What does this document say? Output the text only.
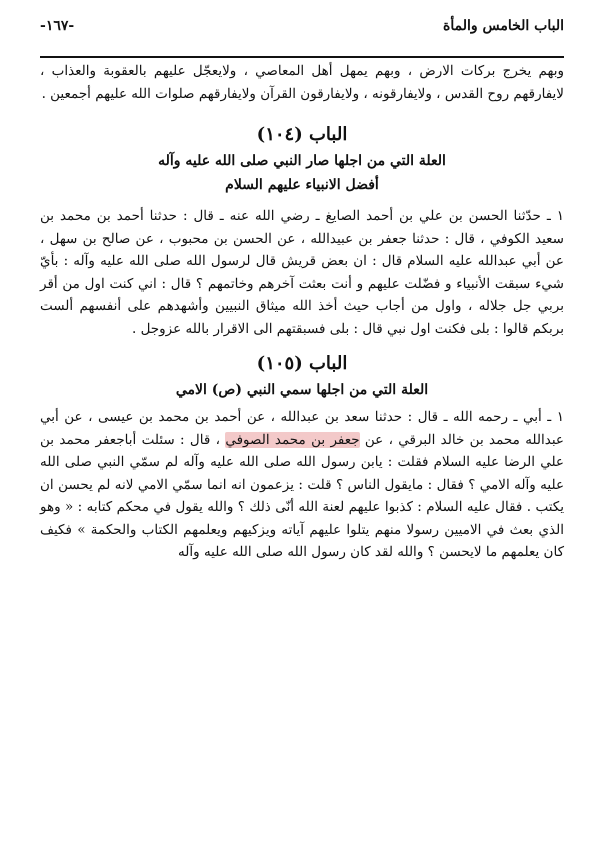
الباب الخامس والمأة
-١٦٧-

وبهم يخرج بركات الارض ، وبهم يمهل أهل المعاصي ، ولايعجّل عليهم بالعقوبة والعذاب ، لايفارقهم روح القدس ، ولايفارقونه ، ولايفارقون القرآن ولايفارقهم صلوات الله عليهم أجمعين .

الباب (١٠٤)

العلة التي من اجلها صار النبي صلى الله عليه وآله

أفضل الانبياء عليهم السلام

١ ـ حدّثنا الحسن بن علي بن أحمد الصايغ ـ رضي الله عنه ـ قال : حدثنا أحمد بن محمد بن سعيد الكوفي ، قال : حدثنا جعفر بن عبيدالله ، عن الحسن بن محبوب ، عن صالح بن سهل ، عن أبي عبدالله عليه السلام قال : ان بعض قريش قال لرسول الله صلى الله عليه وآله : بأيّ شيء سبقت الأنبياء و فضّلت عليهم و أنت بعثت آخرهم وخاتمهم ؟ قال : اني كنت اول من أقر بربي جل جلاله ، واول من أجاب حيث أخذ الله ميثاق النبيين وأشهدهم على أنفسهم ألست بربكم قالوا : بلى فكنت اول نبي قال : بلى فسبقتهم الى الاقرار بالله عزوجل .

الباب (١٠٥)

العلة التي من اجلها سمي النبي (ص) الامي

١ ـ أبي ـ رحمه الله ـ قال : حدثنا سعد بن عبدالله ، عن أحمد بن محمد بن عيسى ، عن أبي عبدالله محمد بن خالد البرقي ، عن جعفر بن محمد الصوفي ، قال : سئلت أباجعفر محمد بن علي الرضا عليه السلام فقلت : يابن رسول الله صلى الله عليه وآله لم سمّي النبي صلى الله عليه وآله الامي ؟ فقال : مايقول الناس ؟ قلت : يزعمون انه انما سمّي الامي لانه لم يحسن ان يكتب . فقال عليه السلام : كذبوا عليهم لعنة الله أنّى ذلك ؟ والله يقول في محكم كتابه : « وهو الذي بعث في الاميين رسولا منهم يتلوا عليهم آياته ويزكيهم ويعلمهم الكتاب والحكمة » فكيف كان يعلمهم ما لايحسن ؟ والله لقد كان رسول الله صلى الله عليه وآله
